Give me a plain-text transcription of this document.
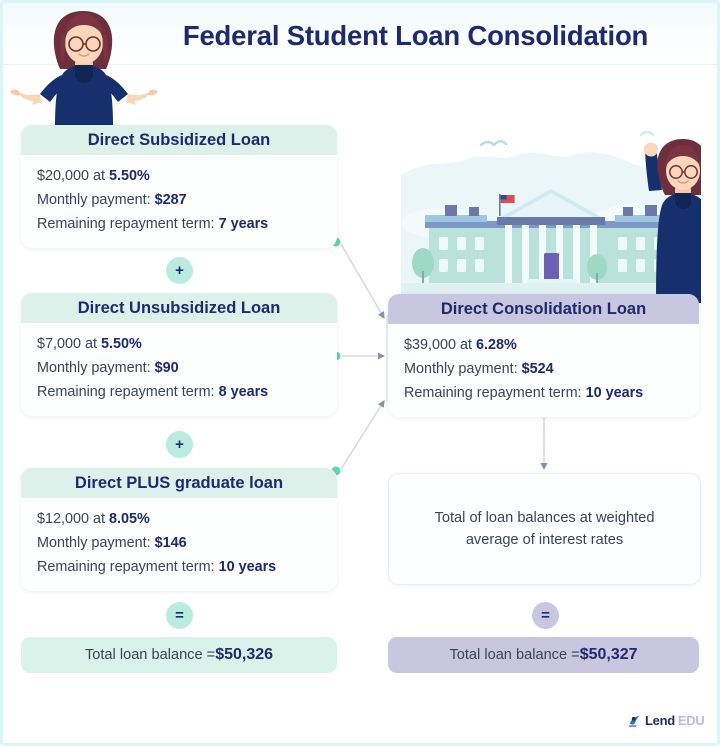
Federal Student Loan Consolidation
Direct Subsidized Loan

$20,000 at 5.50%

Monthly payment: $287

Remaining repayment term: 7 years

+
Direct Unsubsidized Loan

$7,000 at 5.50%

Monthly payment: $90

Remaining repayment term: 8 years

+
Direct PLUS graduate loan

$12,000 at 8.05%

Monthly payment: $146

Remaining repayment term: 10 years

Direct Consolidation Loan

$39,000 at 6.28%

Monthly payment: $524

Remaining repayment term: 10 years

Total of loan balances at weighted
average of interest rates
=	=
Total loan balance = $50,326	Total loan balance = $50,327
Lend EDU
